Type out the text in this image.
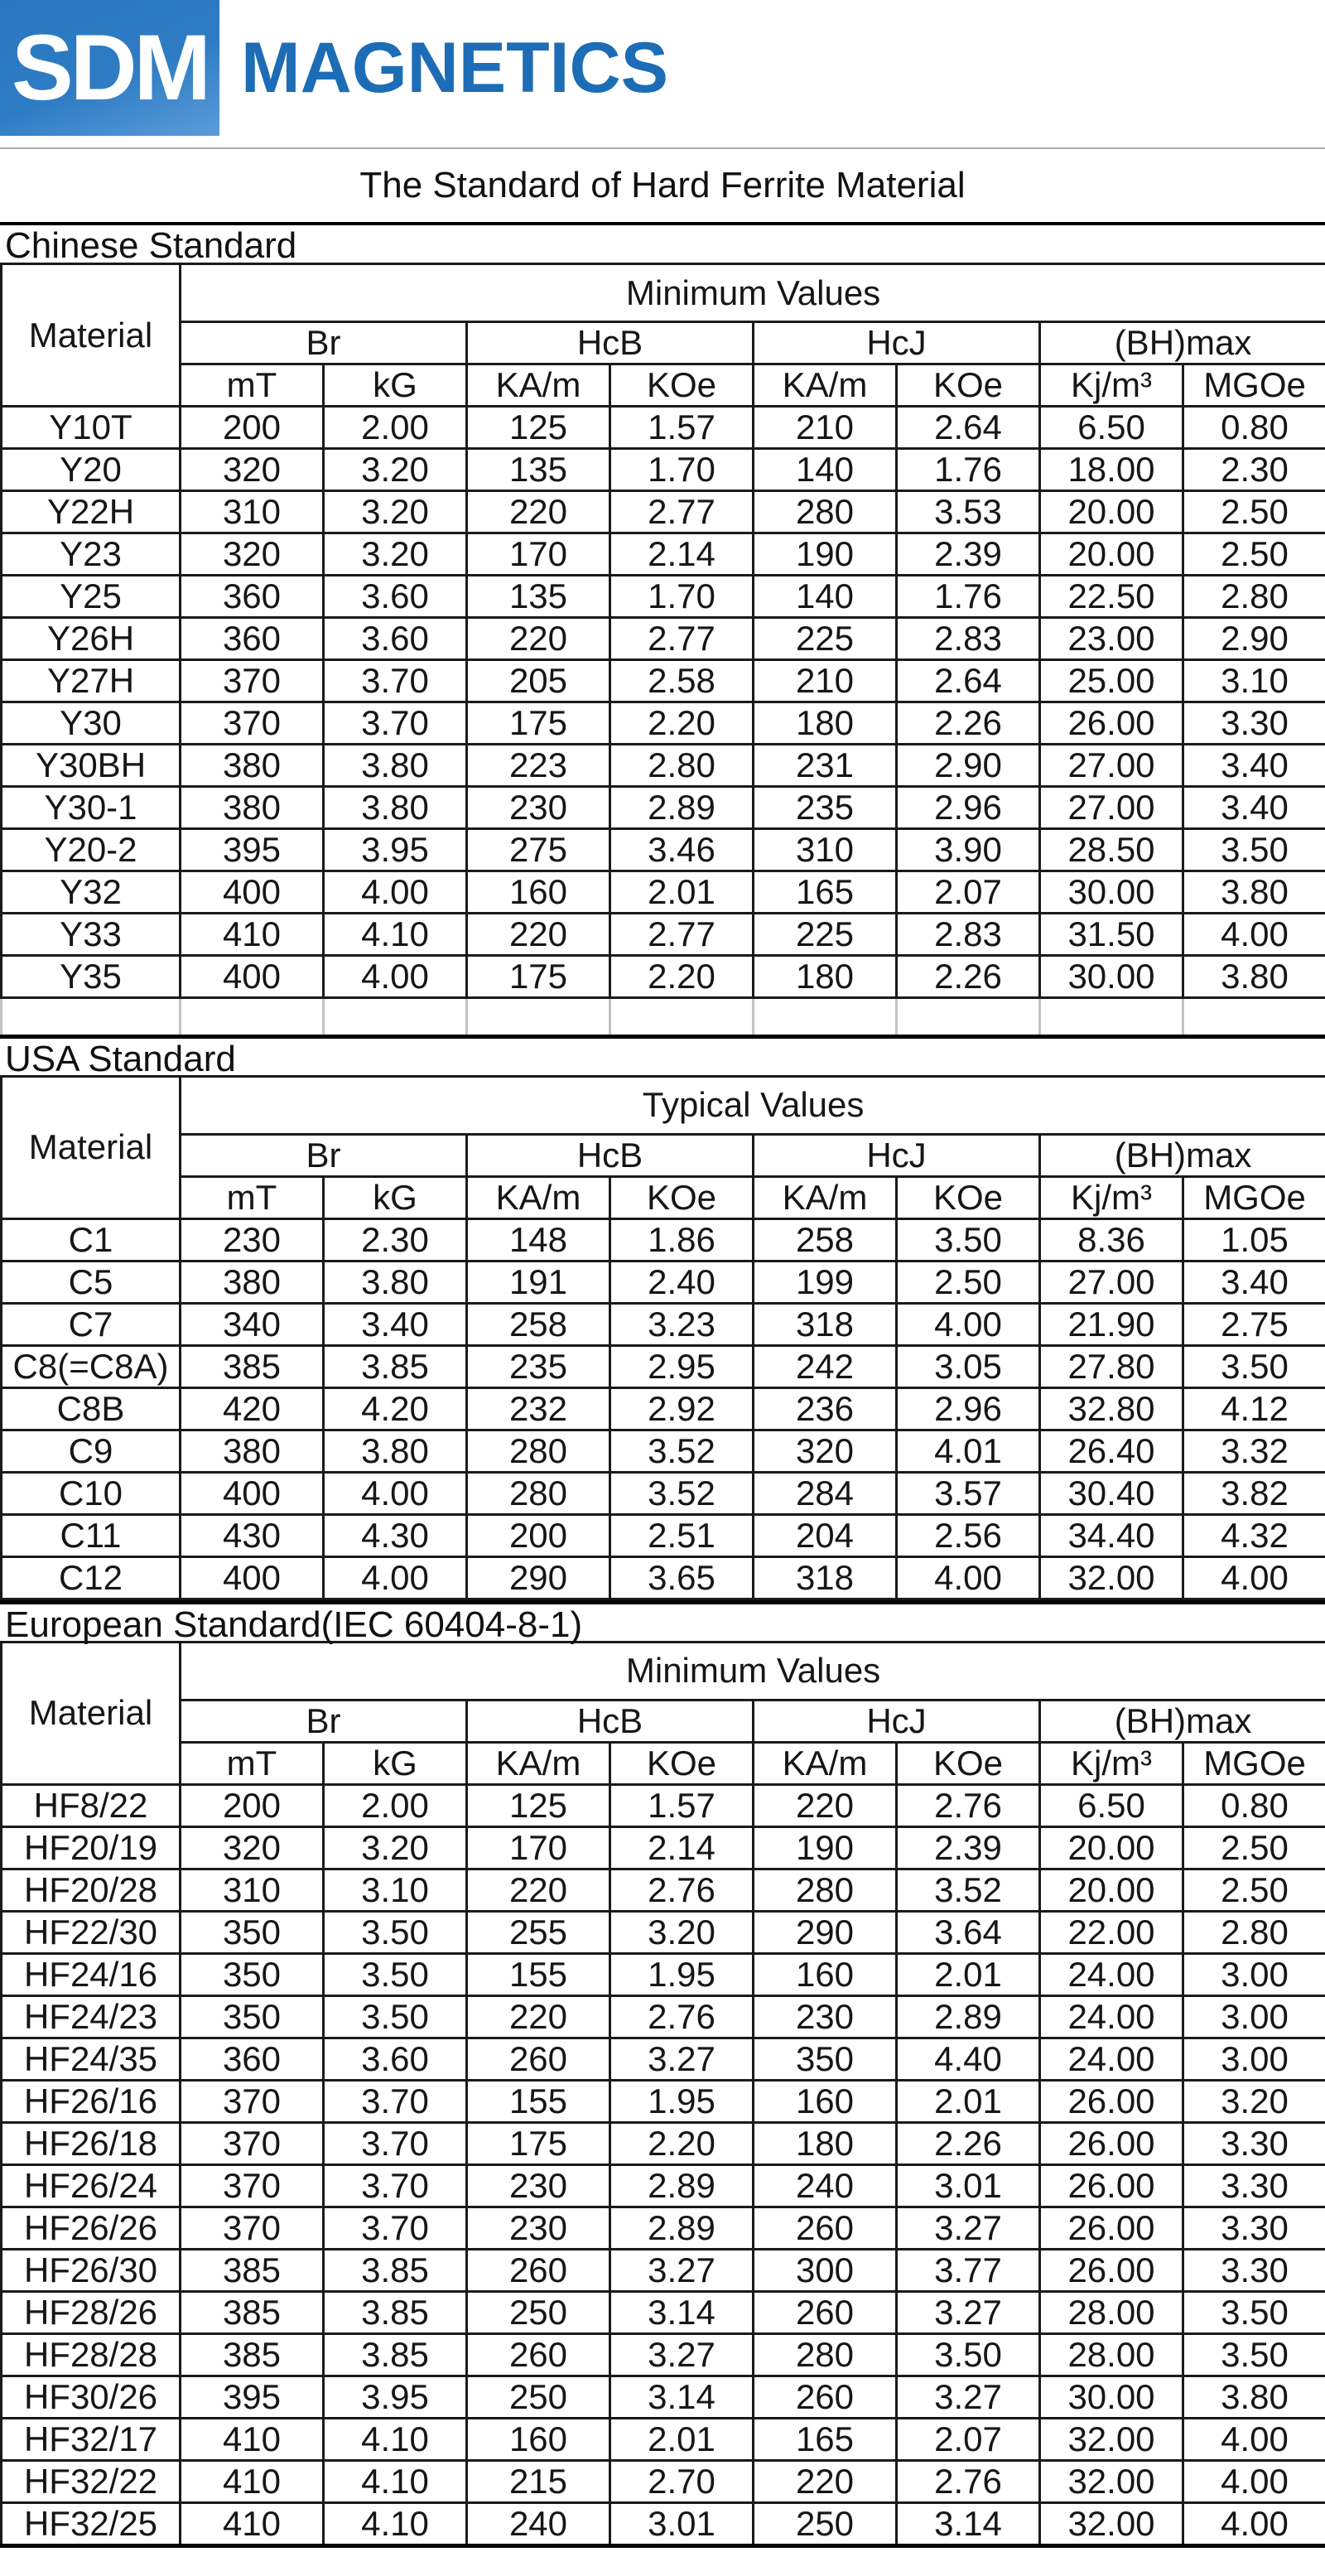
SDM MAGNETICS
The Standard of Hard Ferrite Material
Chinese Standard
Material	Minimum Values							
	Br		HcB		HcJ		(BH)max	
	mT	kG	KA/m	KOe	KA/m	KOe	Kj/m³	MGOe
Y10T	200	2.00	125	1.57	210	2.64	6.50	0.80
Y20	320	3.20	135	1.70	140	1.76	18.00	2.30
Y22H	310	3.20	220	2.77	280	3.53	20.00	2.50
Y23	320	3.20	170	2.14	190	2.39	20.00	2.50
Y25	360	3.60	135	1.70	140	1.76	22.50	2.80
Y26H	360	3.60	220	2.77	225	2.83	23.00	2.90
Y27H	370	3.70	205	2.58	210	2.64	25.00	3.10
Y30	370	3.70	175	2.20	180	2.26	26.00	3.30
Y30BH	380	3.80	223	2.80	231	2.90	27.00	3.40
Y30-1	380	3.80	230	2.89	235	2.96	27.00	3.40
Y20-2	395	3.95	275	3.46	310	3.90	28.50	3.50
Y32	400	4.00	160	2.01	165	2.07	30.00	3.80
Y33	410	4.10	220	2.77	225	2.83	31.50	4.00
Y35	400	4.00	175	2.20	180	2.26	30.00	3.80

USA Standard
Material	Typical Values							
	Br		HcB		HcJ		(BH)max	
	mT	kG	KA/m	KOe	KA/m	KOe	Kj/m³	MGOe
C1	230	2.30	148	1.86	258	3.50	8.36	1.05
C5	380	3.80	191	2.40	199	2.50	27.00	3.40
C7	340	3.40	258	3.23	318	4.00	21.90	2.75
C8(=C8A)	385	3.85	235	2.95	242	3.05	27.80	3.50
C8B	420	4.20	232	2.92	236	2.96	32.80	4.12
C9	380	3.80	280	3.52	320	4.01	26.40	3.32
C10	400	4.00	280	3.52	284	3.57	30.40	3.82
C11	430	4.30	200	2.51	204	2.56	34.40	4.32
C12	400	4.00	290	3.65	318	4.00	32.00	4.00
European Standard(IEC 60404-8-1)
Material	Minimum Values							
	Br		HcB		HcJ		(BH)max	
	mT	kG	KA/m	KOe	KA/m	KOe	Kj/m³	MGOe
HF8/22	200	2.00	125	1.57	220	2.76	6.50	0.80
HF20/19	320	3.20	170	2.14	190	2.39	20.00	2.50
HF20/28	310	3.10	220	2.76	280	3.52	20.00	2.50
HF22/30	350	3.50	255	3.20	290	3.64	22.00	2.80
HF24/16	350	3.50	155	1.95	160	2.01	24.00	3.00
HF24/23	350	3.50	220	2.76	230	2.89	24.00	3.00
HF24/35	360	3.60	260	3.27	350	4.40	24.00	3.00
HF26/16	370	3.70	155	1.95	160	2.01	26.00	3.20
HF26/18	370	3.70	175	2.20	180	2.26	26.00	3.30
HF26/24	370	3.70	230	2.89	240	3.01	26.00	3.30
HF26/26	370	3.70	230	2.89	260	3.27	26.00	3.30
HF26/30	385	3.85	260	3.27	300	3.77	26.00	3.30
HF28/26	385	3.85	250	3.14	260	3.27	28.00	3.50
HF28/28	385	3.85	260	3.27	280	3.50	28.00	3.50
HF30/26	395	3.95	250	3.14	260	3.27	30.00	3.80
HF32/17	410	4.10	160	2.01	165	2.07	32.00	4.00
HF32/22	410	4.10	215	2.70	220	2.76	32.00	4.00
HF32/25	410	4.10	240	3.01	250	3.14	32.00	4.00
